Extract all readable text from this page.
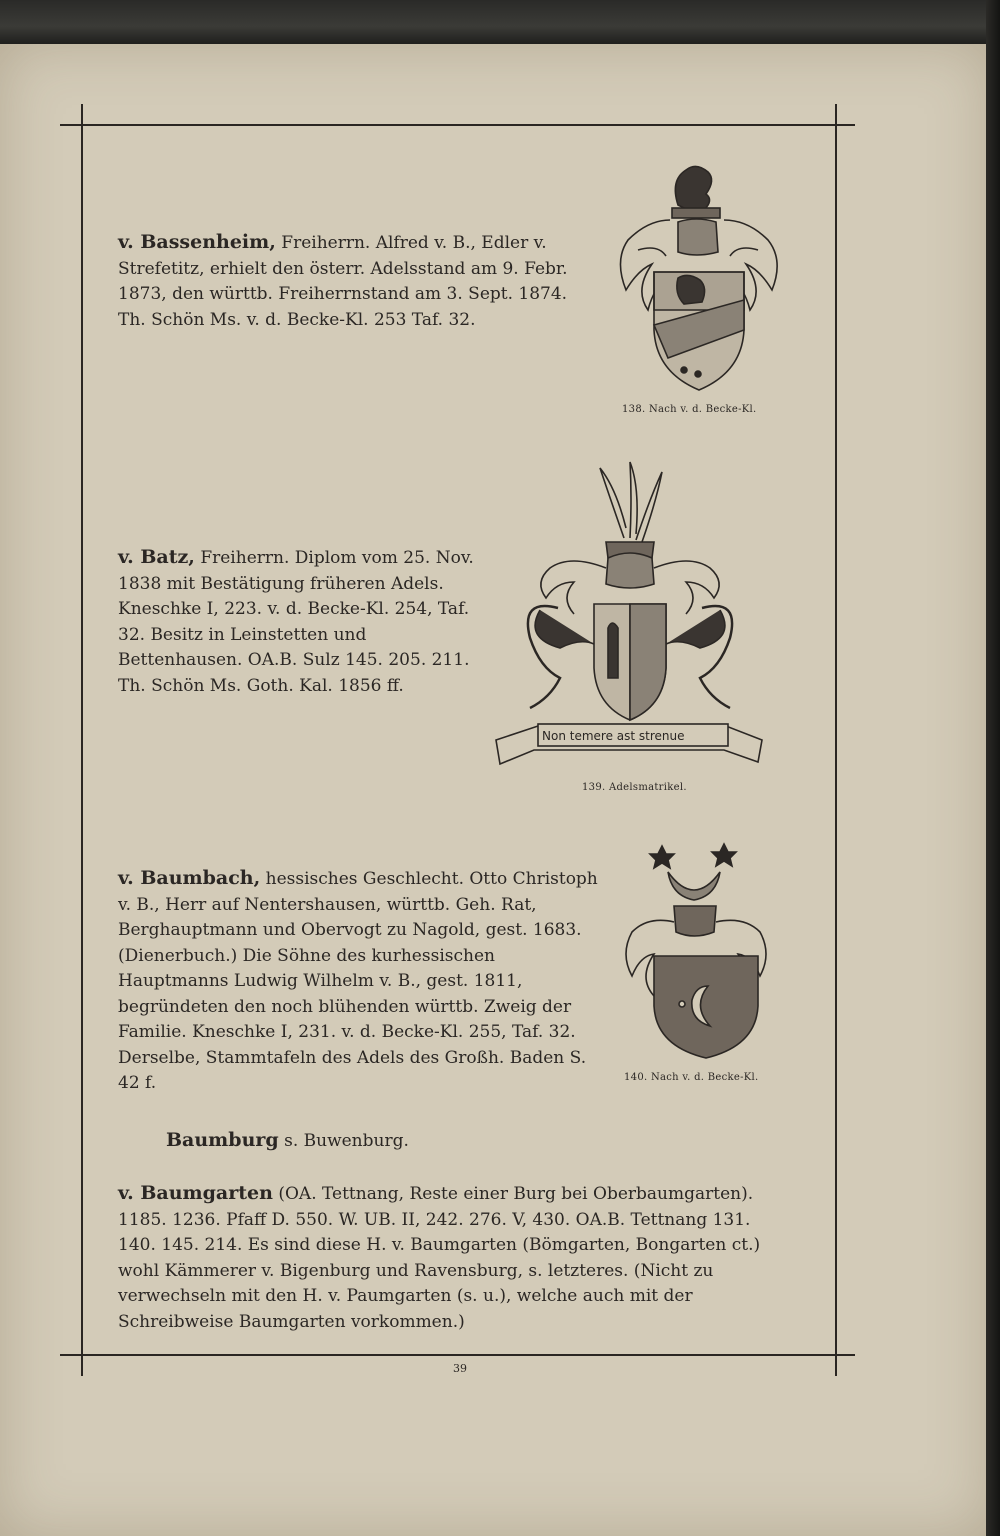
138. Nach v. d. Becke-Kl.
Non temere ast strenue
139. Adelsmatrikel.
140. Nach v. d. Becke-Kl.
v. Bassenheim, Freiherrn. Alfred v. B., Edler v. Strefetitz, erhielt den österr. Adelsstand am 9. Febr. 1873, den württb. Freiherrnstand am 3. Sept. 1874. Th. Schön Ms. v. d. Becke-Kl. 253 Taf. 32.
v. Batz, Freiherrn. Diplom vom 25. Nov. 1838 mit Bestätigung früheren Adels. Kneschke I, 223. v. d. Becke-Kl. 254, Taf. 32. Besitz in Leinstetten und Bettenhausen. OA.B. Sulz 145. 205. 211. Th. Schön Ms. Goth. Kal. 1856 ff.
v. Baumbach, hessisches Geschlecht. Otto Christoph v. B., Herr auf Nentershausen, württb. Geh. Rat, Berghauptmann und Obervogt zu Nagold, gest. 1683. (Dienerbuch.) Die Söhne des kurhessischen Hauptmanns Ludwig Wilhelm v. B., gest. 1811, begründeten den noch blühenden württb. Zweig der Familie. Kneschke I, 231. v. d. Becke-Kl. 255, Taf. 32. Derselbe, Stammtafeln des Adels des Großh. Baden S. 42 f.
Baumburg s. Buwenburg.
v. Baumgarten (OA. Tettnang, Reste einer Burg bei Oberbaumgarten). 1185. 1236. Pfaff D. 550. W. UB. II, 242. 276. V, 430. OA.B. Tettnang 131. 140. 145. 214. Es sind diese H. v. Baumgarten (Bömgarten, Bongarten ct.) wohl Kämmerer v. Bigenburg und Ravensburg, s. letzteres. (Nicht zu verwechseln mit den H. v. Paumgarten (s. u.), welche auch mit der Schreibweise Baumgarten vorkommen.)
39
